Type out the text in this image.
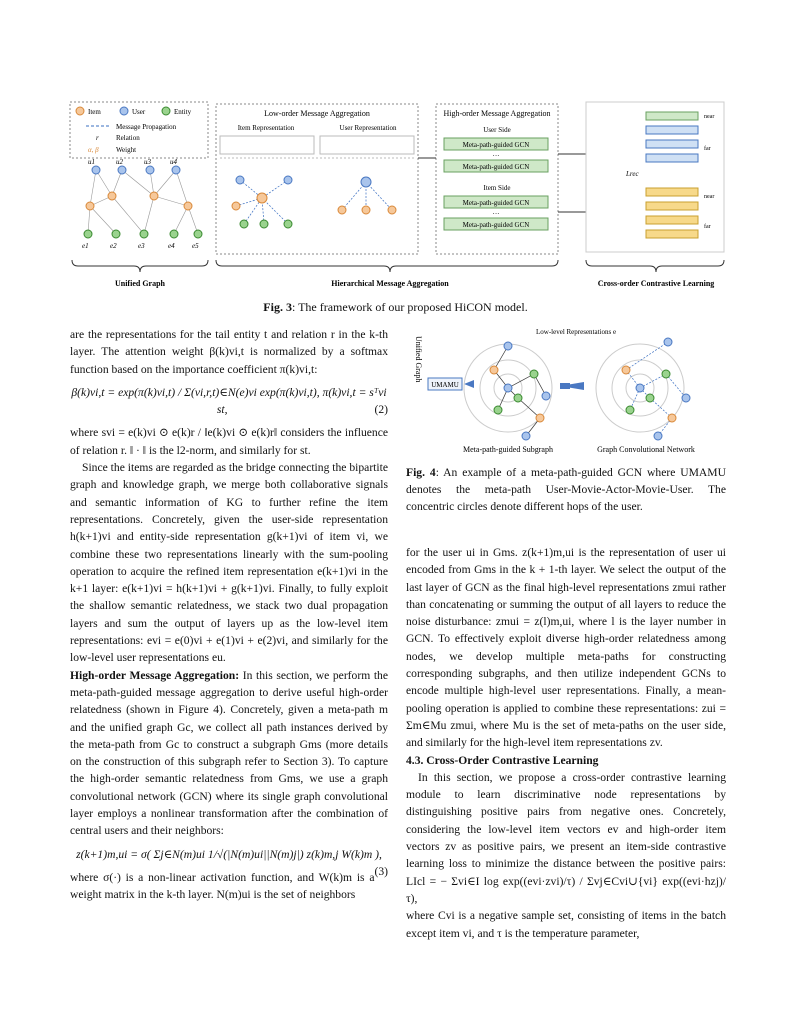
Item	User	Entity
Message Propagation
r Relation
α, β Weight
u1	u2	u3	u4
e1	e2	e3	e4 e5
Low-order Message Aggregation
Item Representation	User Representation
High-order Message Aggregation
User Side
Meta-path-guided GCN
···
Meta-path-guided GCN
Item Side
Meta-path-guided GCN
···
Meta-path-guided GCN
near
far
near
far
Lrec
Unified Graph	Hierarchical Message Aggregation	Cross-order Contrastive Learning
Fig. 3: The framework of our proposed HiCON model.

are the representations for the tail entity t and relation r in the k-th layer. The attention weight β(k)vi,t is normalized by a softmax function based on the importance coefficient π(k)vi,t:

β(k)vi,t = exp(π(k)vi,t) / Σ(vi,r,t)∈N(e)vi exp(π(k)vi,t), π(k)vi,t = sᵀvi st,	(2)

where svi = e(k)vi ⊙ e(k)r / ‖e(k)vi ⊙ e(k)r‖ considers the influence of relation r. ‖ · ‖ is the l2-norm, and similarly for st.

Since the items are regarded as the bridge connecting the bipartite graph and knowledge graph, we merge both collaborative signals and semantic information of KG to further refine the item representations. Concretely, given the user-side representation h(k+1)vi and entity-side representation g(k+1)vi of item vi, we combine these two representations linearly with the sum-pooling operation to acquire the refined item representation e(k+1)vi in the k+1 layer: e(k+1)vi = h(k+1)vi + g(k+1)vi. Finally, to fully exploit the shallow semantic relatedness, we stack two dual propagation layers and sum the output of layers up as the low-level item representations: evi = e(0)vi + e(1)vi + e(2)vi, and similarly for the low-level user representations eu.

High-order Message Aggregation: In this section, we perform the meta-path-guided message aggregation to derive useful high-order relatedness (shown in Figure 4). Concretely, given a meta-path m and the unified graph Gc, we collect all path instances derived by the meta-path from Gc to construct a subgraph Gms (more details on the construction of this subgraph refer to Section 3). To capture the high-order semantic relatedness from Gms, we use a graph convolutional network (GCN) where its single graph convolutional layer employs a nonlinear transformation after the combination of central users and their neighbors:

z(k+1)m,ui = σ( Σj∈N(m)ui 1/√(|N(m)ui||N(m)j|) z(k)m,j W(k)m ),
(3)

where σ(·) is a non-linear activation function, and W(k)m is a weight matrix in the k-th layer. N(m)ui is the set of neighbors

Unified Graph
UMAMU
Low-level Representations e
Meta-path-guided Subgraph	Graph Convolutional Network
Fig. 4: An example of a meta-path-guided GCN where UMAMU denotes the meta-path User-Movie-Actor-Movie-User. The concentric circles denote different hops of the user.

for the user ui in Gms. z(k+1)m,ui is the representation of user ui encoded from Gms in the k + 1-th layer. We select the output of the last layer of GCN as the final high-level representations zmui rather than concatenating or summing the output of all layers to reduce the noise disturbance: zmui = z(l)m,ui, where l is the layer number in GCN. To effectively exploit diverse high-order relatedness among nodes, we develop multiple meta-paths for constructing corresponding subgraphs, and then utilize independent GCNs to encode multiple high-level user representations. Finally, a mean-pooling operation is applied to combine these representations: zui = Σm∈Mu zmui, where Mu is the set of meta-paths on the user side, and similarly for the high-level item representations zv.

4.3. Cross-Order Contrastive Learning

In this section, we propose a cross-order contrastive learning module to learn discriminative node representations by distinguishing positive pairs from negative ones. Concretely, considering the low-level item vectors ev and high-order item vectors zv as positive pairs, we present an item-side contrastive learning loss to minimize the distance between the positive pairs: LIcl = − Σvi∈I log exp((evi·zvi)/τ) / Σvj∈Cvi∪{vi} exp((evi·hzj)/τ),

where Cvi is a negative sample set, consisting of items in the batch except item vi, and τ is the temperature parameter,
